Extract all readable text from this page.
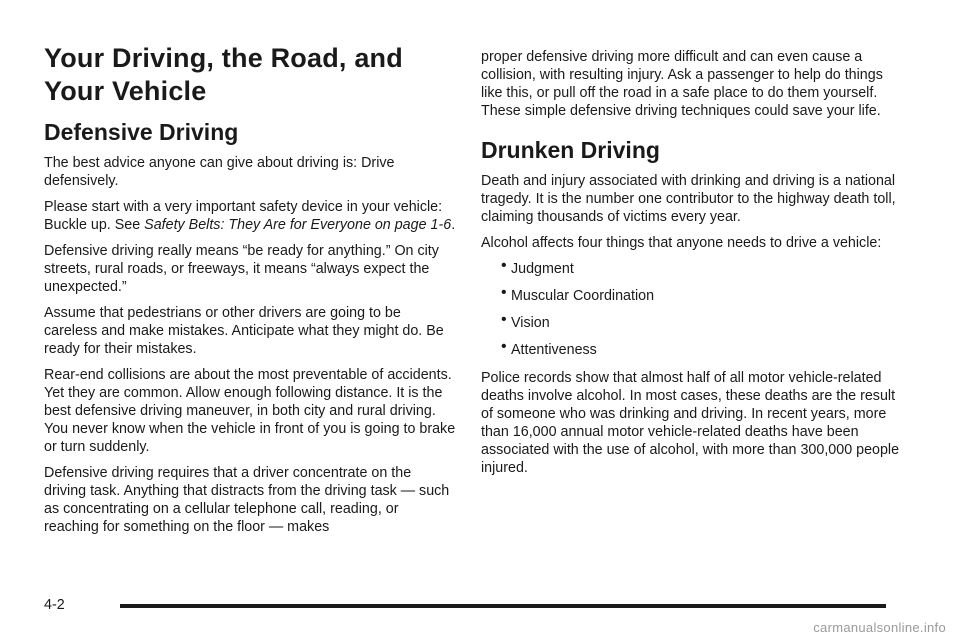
Your Driving, the Road, and Your Vehicle
Defensive Driving

The best advice anyone can give about driving is: Drive defensively.

Please start with a very important safety device in your vehicle: Buckle up. See Safety Belts: They Are for Everyone on page 1-6.

Defensive driving really means “be ready for anything.” On city streets, rural roads, or freeways, it means “always expect the unexpected.”

Assume that pedestrians or other drivers are going to be careless and make mistakes. Anticipate what they might do. Be ready for their mistakes.

Rear-end collisions are about the most preventable of accidents. Yet they are common. Allow enough following distance. It is the best defensive driving maneuver, in both city and rural driving. You never know when the vehicle in front of you is going to brake or turn suddenly.

Defensive driving requires that a driver concentrate on the driving task. Anything that distracts from the driving task — such as concentrating on a cellular telephone call, reading, or reaching for something on the floor — makes

proper defensive driving more difficult and can even cause a collision, with resulting injury. Ask a passenger to help do things like this, or pull off the road in a safe place to do them yourself. These simple defensive driving techniques could save your life.

Drunken Driving

Death and injury associated with drinking and driving is a national tragedy. It is the number one contributor to the highway death toll, claiming thousands of victims every year.

Alcohol affects four things that anyone needs to drive a vehicle:

• Judgment
• Muscular Coordination
• Vision
• Attentiveness

Police records show that almost half of all motor vehicle-related deaths involve alcohol. In most cases, these deaths are the result of someone who was drinking and driving. In recent years, more than 16,000 annual motor vehicle-related deaths have been associated with the use of alcohol, with more than 300,000 people injured.

4-2
carmanualsonline.info
